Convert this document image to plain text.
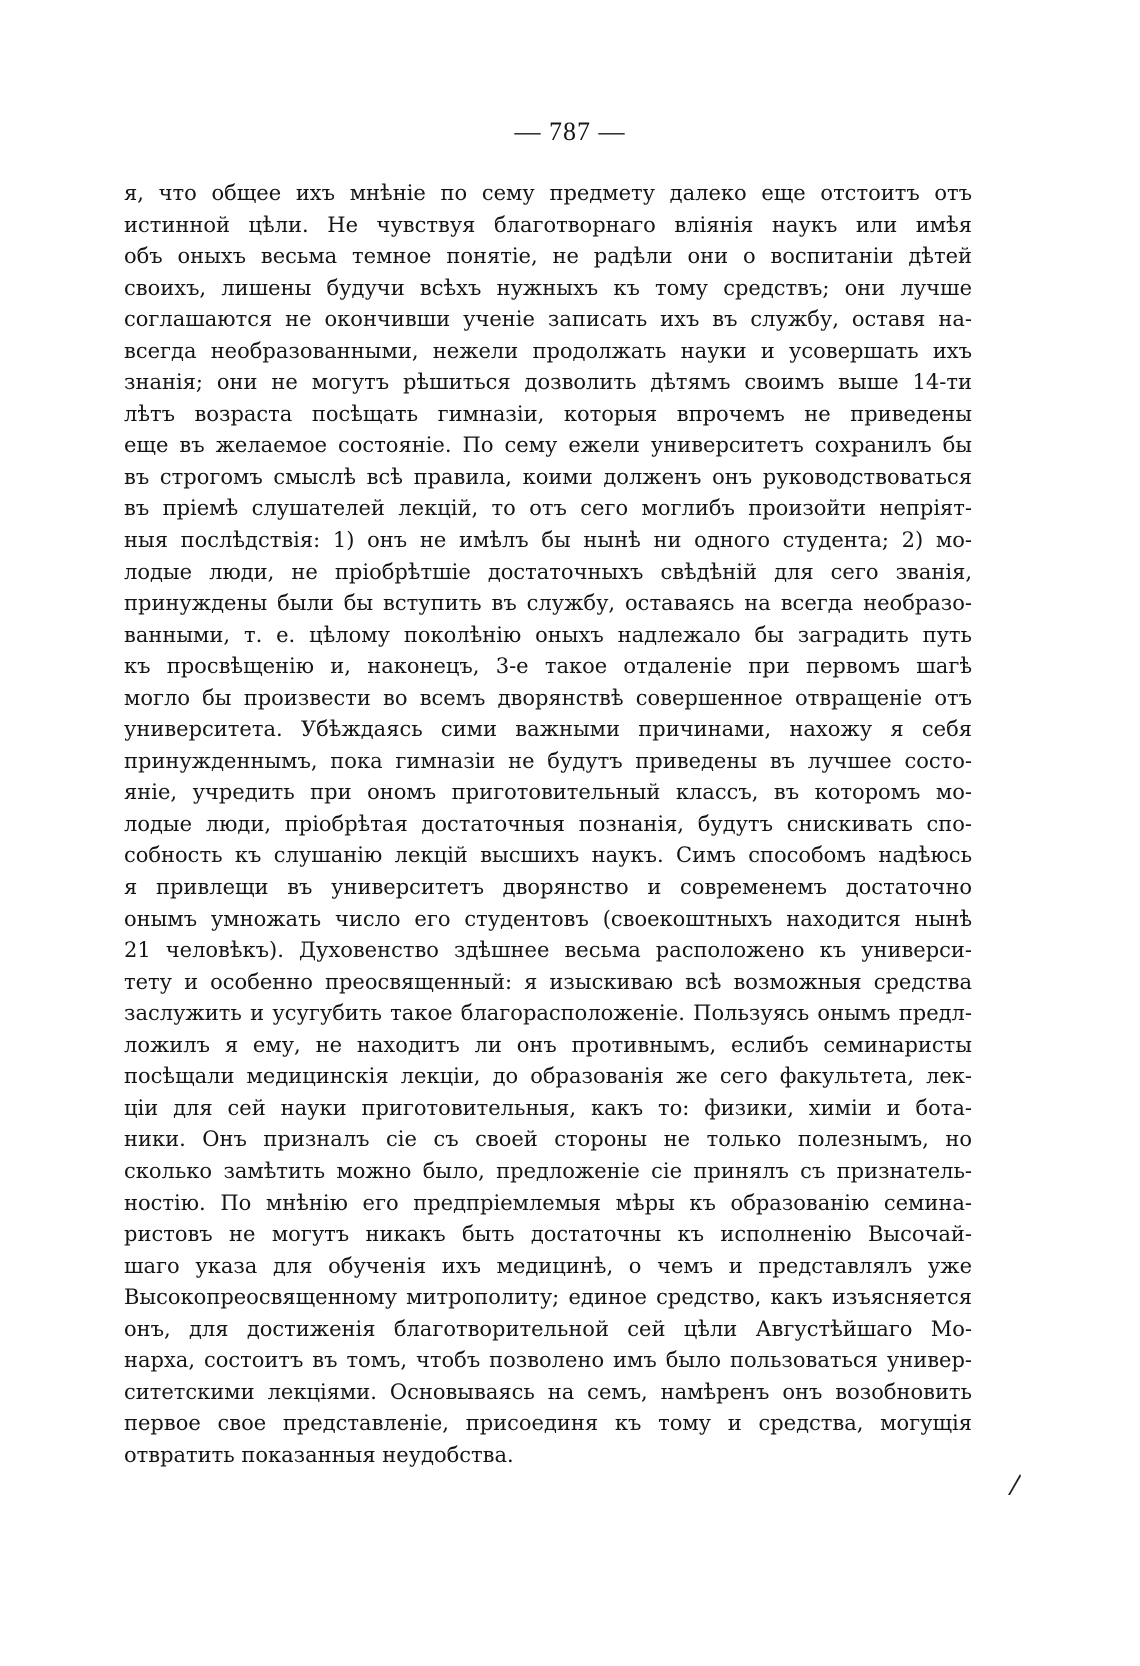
— 787 —
я, что общее ихъ мнѣніе по сему предмету далеко еще отстоитъ отъ
истинной цѣли. Не чувствуя благотворнаго вліянія наукъ или имѣя
объ оныхъ весьма темное понятіе, не радѣли они о воспитаніи дѣтей
своихъ, лишены будучи всѣхъ нужныхъ къ тому средствъ; они лучше
соглашаются не окончивши ученіе записать ихъ въ службу, оставя на-
всегда необразованными, нежели продолжать науки и усовершать ихъ
знанія; они не могутъ рѣшиться дозволить дѣтямъ своимъ выше 14-ти
лѣтъ возраста посѣщать гимназіи, которыя впрочемъ не приведены
еще въ желаемое состояніе. По сему ежели университетъ сохранилъ бы
въ строгомъ смыслѣ всѣ правила, коими долженъ онъ руководствоваться
въ пріемѣ слушателей лекцій, то отъ сего моглибъ произойти непріят-
ныя послѣдствія: 1) онъ не имѣлъ бы нынѣ ни одного студента; 2) мо-
лодые люди, не пріобрѣтшіе достаточныхъ свѣдѣній для сего званія,
принуждены были бы вступить въ службу, оставаясь на всегда необразо-
ванными, т. е. цѣлому поколѣнію оныхъ надлежало бы заградить путь
къ просвѣщенію и, наконецъ, 3-е такое отдаленіе при первомъ шагѣ
могло бы произвести во всемъ дворянствѣ совершенное отвращеніе отъ
университета. Убѣждаясь сими важными причинами, нахожу я себя
принужденнымъ, пока гимназіи не будутъ приведены въ лучшее состо-
яніе, учредить при ономъ приготовительный классъ, въ которомъ мо-
лодые люди, пріобрѣтая достаточныя познанія, будутъ снискивать спо-
собность къ слушанію лекцій высшихъ наукъ. Симъ способомъ надѣюсь
я привлещи въ университетъ дворянство и современемъ достаточно
онымъ умножать число его студентовъ (своекоштныхъ находится нынѣ
21 человѣкъ). Духовенство здѣшнее весьма расположено къ универси-
тету и особенно преосвященный: я изыскиваю всѣ возможныя средства
заслужить и усугубить такое благорасположеніе. Пользуясь онымъ предл-
ложилъ я ему, не находитъ ли онъ противнымъ, еслибъ семинаристы
посѣщали медицинскія лекціи, до образованія же сего факультета, лек-
ціи для сей науки приготовительныя, какъ то: физики, химіи и бота-
ники. Онъ призналъ сіе съ своей стороны не только полезнымъ, но
сколько замѣтить можно было, предложеніе сіе принялъ съ признатель-
ностію. По мнѣнію его предпріемлемыя мѣры къ образованію семина-
ристовъ не могутъ никакъ быть достаточны къ исполненію Высочай-
шаго указа для обученія ихъ медицинѣ, о чемъ и представлялъ уже
Высокопреосвященному митрополиту; единое средство, какъ изъясняется
онъ, для достиженія благотворительной сей цѣли Августѣйшаго Мо-
нарха, состоитъ въ томъ, чтобъ позволено имъ было пользоваться универ-
ситетскими лекціями. Основываясь на семъ, намѣренъ онъ возобновить
первое свое представленіе, присоединя къ тому и средства, могущія
отвратить показанныя неудобства.
